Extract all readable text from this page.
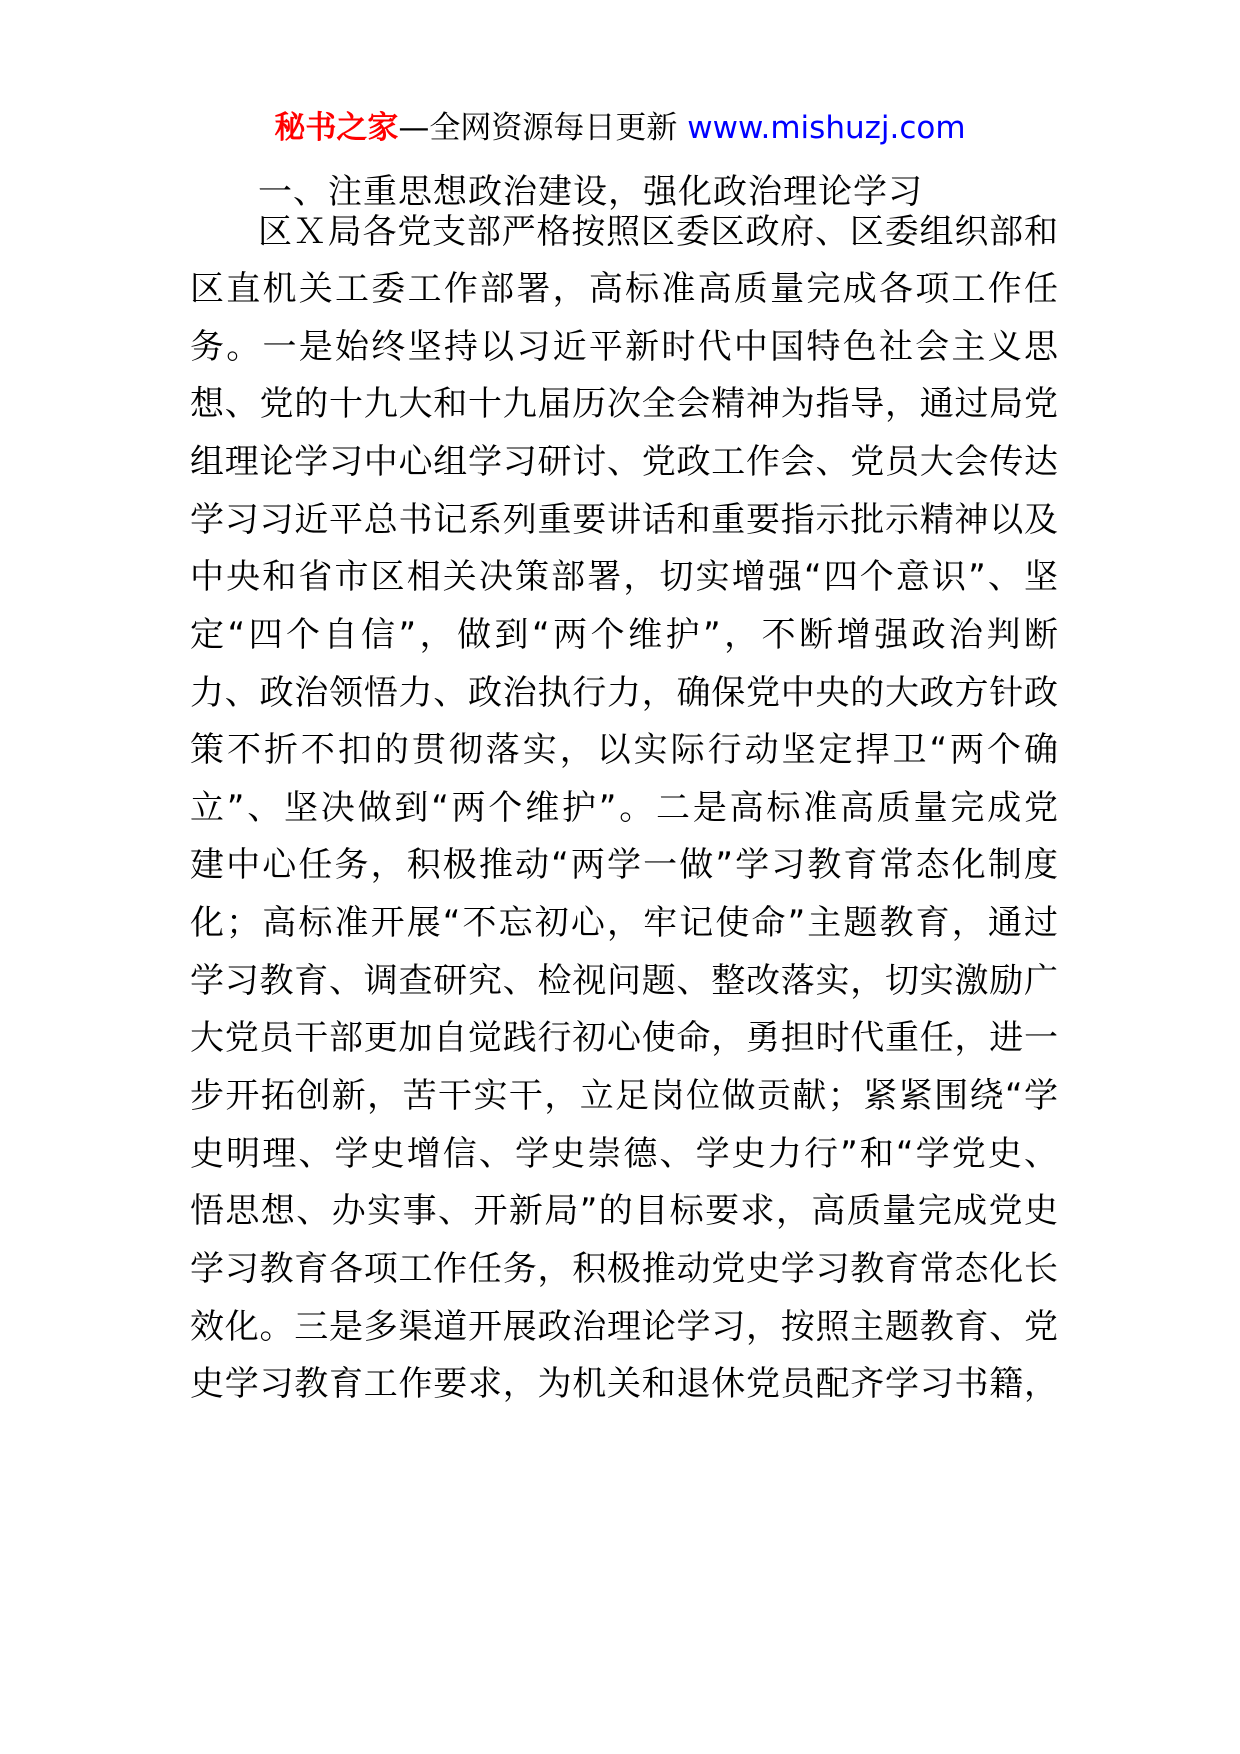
秘书之家—全网资源每日更新 www.mishuzj.com
一、注重思想政治建设，强化政治理论学习
区Ｘ局各党支部严格按照区委区政府、区委组织部和
区直机关工委工作部署，高标准高质量完成各项工作任
务。一是始终坚持以习近平新时代中国特色社会主义思
想、党的十九大和十九届历次全会精神为指导，通过局党
组理论学习中心组学习研讨、党政工作会、党员大会传达
学习习近平总书记系列重要讲话和重要指示批示精神以及
中央和省市区相关决策部署，切实增强“四个意识”、坚
定“四个自信”，做到“两个维护”，不断增强政治判断
力、政治领悟力、政治执行力，确保党中央的大政方针政
策不折不扣的贯彻落实，以实际行动坚定捍卫“两个确
立”、坚决做到“两个维护”。二是高标准高质量完成党
建中心任务，积极推动“两学一做”学习教育常态化制度
化；高标准开展“不忘初心，牢记使命”主题教育，通过
学习教育、调查研究、检视问题、整改落实，切实激励广
大党员干部更加自觉践行初心使命，勇担时代重任，进一
步开拓创新，苦干实干，立足岗位做贡献；紧紧围绕“学
史明理、学史增信、学史崇德、学史力行”和“学党史、
悟思想、办实事、开新局”的目标要求，高质量完成党史
学习教育各项工作任务，积极推动党史学习教育常态化长
效化。三是多渠道开展政治理论学习，按照主题教育、党
史学习教育工作要求，为机关和退休党员配齐学习书籍，
